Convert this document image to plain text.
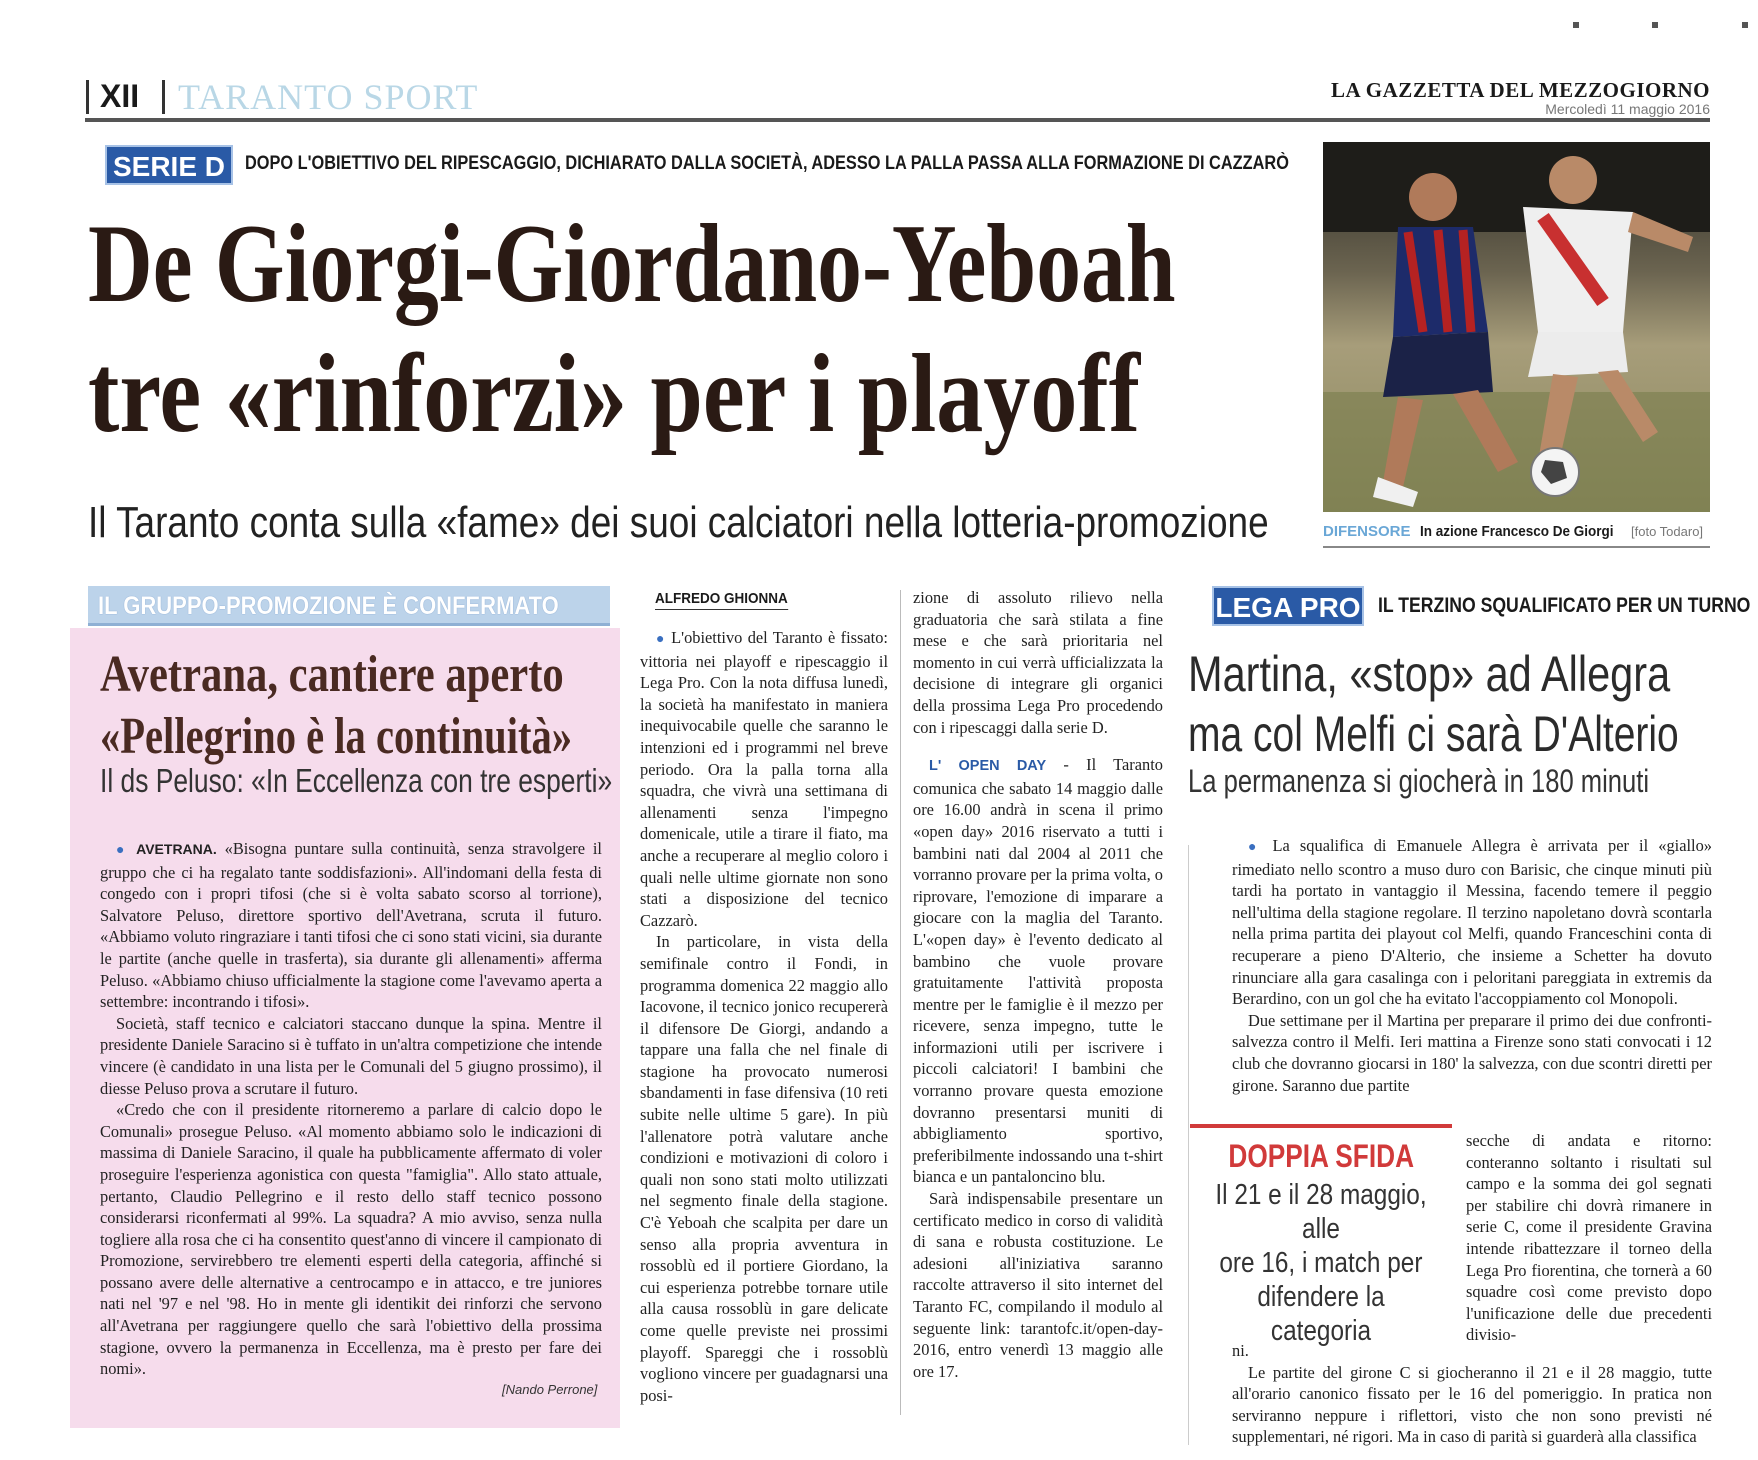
XII TARANTO SPORT	LA GAZZETTA DEL MEZZOGIORNO
Mercoledì 11 maggio 2016
SERIE D	DOPO L'OBIETTIVO DEL RIPESCAGGIO, DICHIARATO DALLA SOCIETÀ, ADESSO LA PALLA PASSA ALLA FORMAZIONE DI CAZZARÒ
De Giorgi-Giordano-Yeboah
tre «rinforzi» per i playoff
Il Taranto conta sulla «fame» dei suoi calciatori nella lotteria-promozione	DIFENSORE In azione Francesco De Giorgi [foto Todaro]
IL GRUPPO-PROMOZIONE È CONFERMATO
Avetrana, cantiere aperto
«Pellegrino è la continuità»
Il ds Peluso: «In Eccellenza con tre esperti»

● AVETRANA. «Bisogna puntare sulla continuità, senza stravolgere il gruppo che ci ha regalato tante soddisfazioni». All'indomani della festa di congedo con i propri tifosi (che si è volta sabato scorso al torrione), Salvatore Peluso, direttore sportivo dell'Avetrana, scruta il futuro. «Abbiamo voluto ringraziare i tanti tifosi che ci sono stati vicini, sia durante le partite (anche quelle in trasferta), sia durante gli allenamenti» afferma Peluso. «Abbiamo chiuso ufficialmente la stagione come l'avevamo aperta a settembre: incontrando i tifosi».

Società, staff tecnico e calciatori staccano dunque la spina. Mentre il presidente Daniele Saracino si è tuffato in un'altra competizione che intende vincere (è candidato in una lista per le Comunali del 5 giugno prossimo), il diesse Peluso prova a scrutare il futuro.

«Credo che con il presidente ritorneremo a parlare di calcio dopo le Comunali» prosegue Peluso. «Al momento abbiamo solo le indicazioni di massima di Daniele Saracino, il quale ha pubblicamente affermato di voler proseguire l'esperienza agonistica con questa "famiglia". Allo stato attuale, pertanto, Claudio Pellegrino e il resto dello staff tecnico possono considerarsi riconfermati al 99%. La squadra? A mio avviso, senza nulla togliere alla rosa che ci ha consentito quest'anno di vincere il campionato di Promozione, servirebbero tre elementi esperti della categoria, affinché si possano avere delle alternative a centrocampo e in attacco, e tre juniores nati nel '97 e nel '98. Ho in mente gli identikit dei rinforzi che servono all'Avetrana per raggiungere quello che sarà l'obiettivo della prossima stagione, ovvero la permanenza in Eccellenza, ma è presto per fare dei nomi».

[Nando Perrone]
ALFREDO GHIONNA

● L'obiettivo del Taranto è fissato: vittoria nei playoff e ripescaggio il Lega Pro. Con la nota diffusa lunedì, la società ha manifestato in maniera inequivocabile quelle che saranno le intenzioni ed i programmi nel breve periodo. Ora la palla torna alla squadra, che vivrà una settimana di allenamenti senza l'impegno domenicale, utile a tirare il fiato, ma anche a recuperare al meglio coloro i quali nelle ultime giornate non sono stati a disposizione del tecnico Cazzarò.

In particolare, in vista della semifinale contro il Fondi, in programma domenica 22 maggio allo Iacovone, il tecnico jonico recupererà il difensore De Giorgi, andando a tappare una falla che nel finale di stagione ha provocato numerosi sbandamenti in fase difensiva (10 reti subite nelle ultime 5 gare). In più l'allenatore potrà valutare anche condizioni e motivazioni di coloro i quali non sono stati molto utilizzati nel segmento finale della stagione. C'è Yeboah che scalpita per dare un senso alla propria avventura in rossoblù ed il portiere Giordano, la cui esperienza potrebbe tornare utile alla causa rossoblù in gare delicate come quelle previste nei prossimi playoff. Spareggi che i rossoblù vogliono vincere per guadagnarsi una posi-

zione di assoluto rilievo nella graduatoria che sarà stilata a fine mese e che sarà prioritaria nel momento in cui verrà ufficializzata la decisione di integrare gli organici della prossima Lega Pro procedendo con i ripescaggi dalla serie D.

L' OPEN DAY - Il Taranto comunica che sabato 14 maggio dalle ore 16.00 andrà in scena il primo «open day» 2016 riservato a tutti i bambini nati dal 2004 al 2011 che vorranno provare per la prima volta, o riprovare, l'emozione di imparare a giocare con la maglia del Taranto. L'«open day» è l'evento dedicato al bambino che vuole provare gratuitamente l'attività proposta mentre per le famiglie è il mezzo per ricevere, senza impegno, tutte le informazioni utili per iscrivere i piccoli calciatori! I bambini che vorranno provare questa emozione dovranno presentarsi muniti di abbigliamento sportivo, preferibilmente indossando una t-shirt bianca e un pantaloncino blu.

Sarà indispensabile presentare un certificato medico in corso di validità di sana e robusta costituzione. Le adesioni all'iniziativa saranno raccolte attraverso il sito internet del Taranto FC, compilando il modulo al seguente link: tarantofc.it/open-day-2016, entro venerdì 13 maggio alle ore 17.

LEGA PRO IL TERZINO SQUALIFICATO PER UN TURNO
Martina, «stop» ad Allegra
ma col Melfi ci sarà D'Alterio
La permanenza si giocherà in 180 minuti

● La squalifica di Emanuele Allegra è arrivata per il «giallo» rimediato nello scontro a muso duro con Barisic, che cinque minuti più tardi ha portato in vantaggio il Messina, facendo temere il peggio nell'ultima della stagione regolare. Il terzino napoletano dovrà scontarla nella prima partita dei playout col Melfi, quando Franceschini conta di recuperare a pieno D'Alterio, che insieme a Schetter ha dovuto rinunciare alla gara casalinga con i peloritani pareggiata in extremis da Berardino, con un gol che ha evitato l'accoppiamento col Monopoli.

Due settimane per il Martina per preparare il primo dei due confronti-salvezza contro il Melfi. Ieri mattina a Firenze sono stati convocati i 12 club che dovranno giocarsi in 180' la salvezza, con due scontri diretti per girone. Saranno due partite

secche di andata e ritorno: conteranno soltanto i risultati sul campo e la somma dei gol segnati per stabilire chi dovrà rimanere in serie C, come il presidente Gravina intende ribattezzare il torneo della Lega Pro fiorentina, che tornerà a 60 squadre così come previsto dopo l'unificazione delle due precedenti divisio-

ni.

Le partite del girone C si giocheranno il 21 e il 28 maggio, tutte all'orario canonico fissato per le 16 del pomeriggio. In pratica non serviranno neppure i riflettori, visto che non sono previsti né supplementari, né rigori. Ma in caso di parità si guarderà alla classifica

DOPPIA SFIDA
Il 21 e il 28 maggio, alle
ore 16, i match per
difendere la categoria
